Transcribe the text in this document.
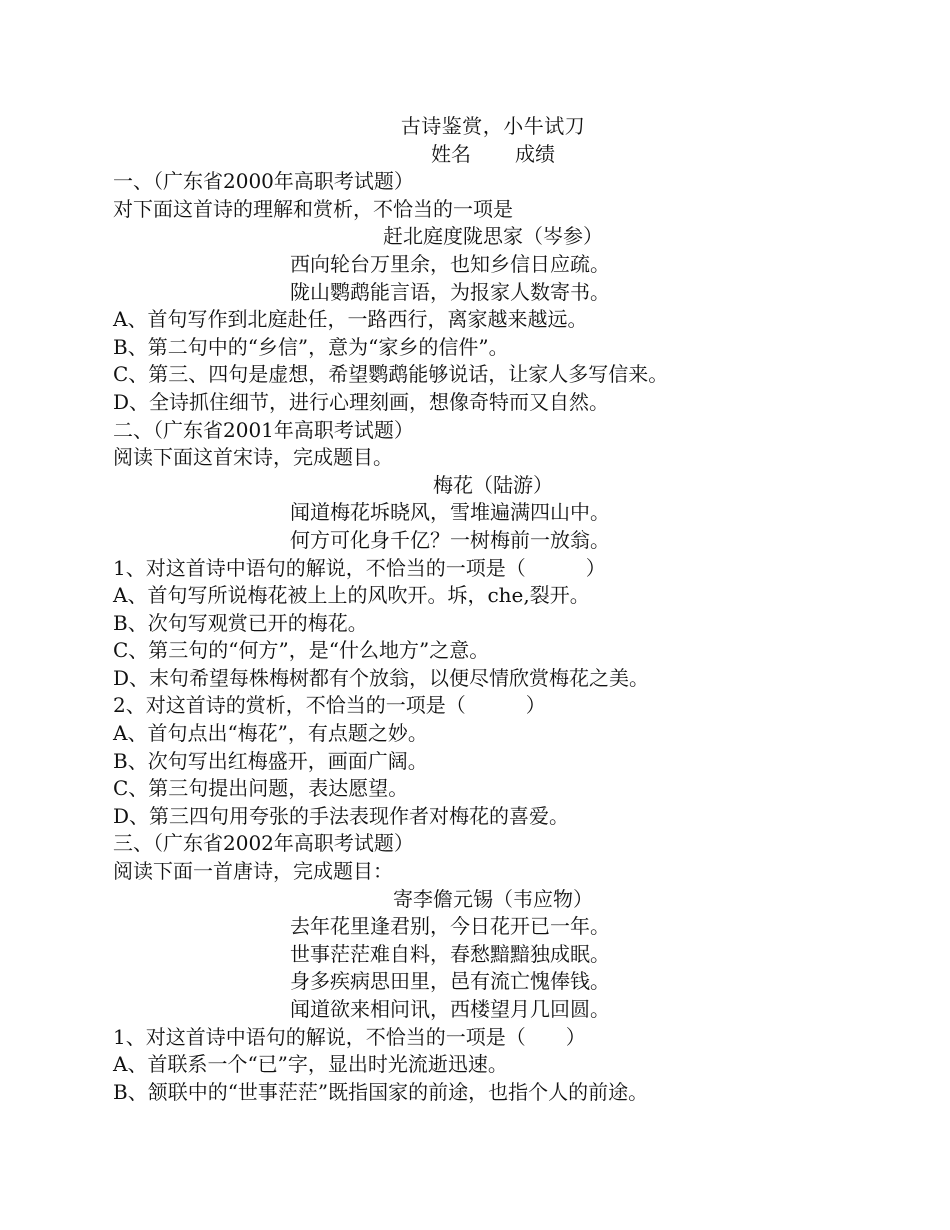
古诗鉴赏，小牛试刀
姓名 成绩
一、（广东省2000年高职考试题）
对下面这首诗的理解和赏析，不恰当的一项是
赶北庭度陇思家（岑参）
西向轮台万里余，也知乡信日应疏。
陇山鹦鹉能言语，为报家人数寄书。
A、首句写作到北庭赴任，一路西行，离家越来越远。
B、第二句中的“乡信”，意为“家乡的信件”。
C、第三、四句是虚想，希望鹦鹉能够说话，让家人多写信来。
D、全诗抓住细节，进行心理刻画，想像奇特而又自然。
二、（广东省2001年高职考试题）
阅读下面这首宋诗，完成题目。
梅花（陆游）
闻道梅花坼晓风，雪堆遍满四山中。
何方可化身千亿？一树梅前一放翁。
1、对这首诗中语句的解说，不恰当的一项是（　　　）
A、首句写所说梅花被上上的风吹开。坼，che,裂开。
B、次句写观赏已开的梅花。
C、第三句的“何方”，是“什么地方”之意。
D、末句希望每株梅树都有个放翁，以便尽情欣赏梅花之美。
2、对这首诗的赏析，不恰当的一项是（　　　）
A、首句点出“梅花”，有点题之妙。
B、次句写出红梅盛开，画面广阔。
C、第三句提出问题，表达愿望。
D、第三四句用夸张的手法表现作者对梅花的喜爱。
三、（广东省2002年高职考试题）
阅读下面一首唐诗，完成题目：
寄李儋元锡（韦应物）
去年花里逢君别，今日花开已一年。
世事茫茫难自料，春愁黯黯独成眠。
身多疾病思田里，邑有流亡愧俸钱。
闻道欲来相问讯，西楼望月几回圆。
1、对这首诗中语句的解说，不恰当的一项是（　　）
A、首联系一个“已”字，显出时光流逝迅速。
B、颔联中的“世事茫茫”既指国家的前途，也指个人的前途。
